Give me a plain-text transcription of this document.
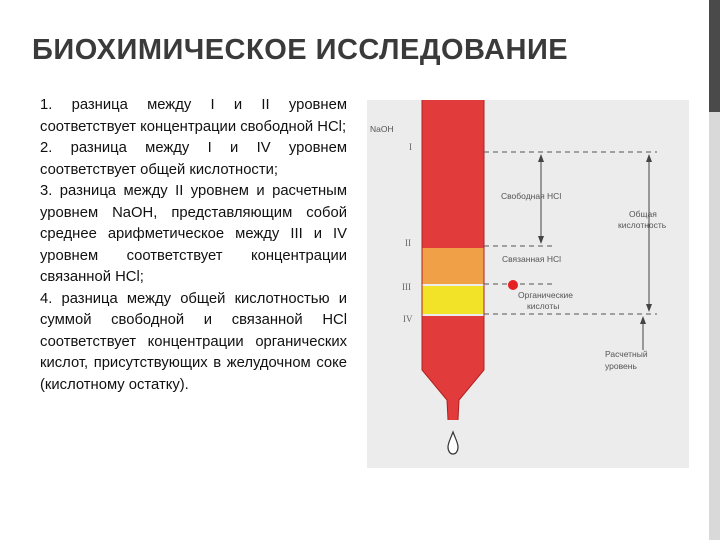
БИОХИМИЧЕСКОЕ ИССЛЕДОВАНИЕ

1. разница между I и II уровнем соответствует концентрации свободной HCl;

2. разница между I и IV уровнем соответствует общей кислотности;

3. разница между II уровнем и расчетным уровнем NaOH, представляющим собой среднее арифметическое между III и IV уровнем соответствует концентрации связанной HCl;

4. разница между общей кислотностью и суммой свободной и связанной HCl соответствует концентрации органических кислот, присутствующих в желудочном соке (кислотному остатку).

NaOH
I
II
III
IV
Свободная HCl
Связанная HCl
Органические
кислоты
Общая
кислотность
Расчетный
уровень
